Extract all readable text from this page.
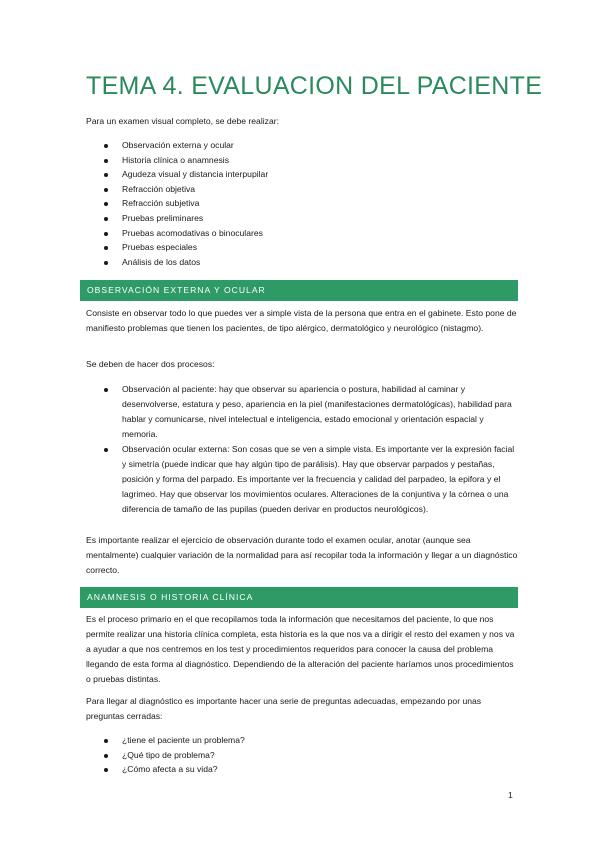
TEMA 4. EVALUACION DEL PACIENTE

Para un examen visual completo, se debe realizar:

Observación externa y ocular
Historia clínica o anamnesis
Agudeza visual y distancia interpupilar
Refracción objetiva
Refracción subjetiva
Pruebas preliminares
Pruebas acomodativas o binoculares
Pruebas especiales
Análisis de los datos
OBSERVACIÓN EXTERNA Y OCULAR

Consiste en observar todo lo que puedes ver a simple vista de la persona que entra en el gabinete. Esto pone de manifiesto problemas que tienen los pacientes, de tipo alérgico, dermatológico y neurológico (nistagmo).

Se deben de hacer dos procesos:

Observación al paciente: hay que observar su apariencia o postura, habilidad al caminar y desenvolverse, estatura y peso, apariencia en la piel (manifestaciones dermatológicas), habilidad para hablar y comunicarse, nivel intelectual e inteligencia, estado emocional y orientación espacial y memoria.
Observación ocular externa: Son cosas que se ven a simple vista. Es importante ver la expresión facial y simetría (puede indicar que hay algún tipo de parálisis). Hay que observar parpados y pestañas, posición y forma del parpado. Es importante ver la frecuencia y calidad del parpadeo, la epifora y el lagrimeo. Hay que observar los movimientos oculares. Alteraciones de la conjuntiva y la córnea o una diferencia de tamaño de las pupilas (pueden derivar en productos neurológicos).

Es importante realizar el ejercicio de observación durante todo el examen ocular, anotar (aunque sea mentalmente) cualquier variación de la normalidad para así recopilar toda la información y llegar a un diagnóstico correcto.

ANAMNESIS O HISTORIA CLÍNICA

Es el proceso primario en el que recopilamos toda la información que necesitamos del paciente, lo que nos permite realizar una historia clínica completa, esta historia es la que nos va a dirigir el resto del examen y nos va a ayudar a que nos centremos en los test y procedimientos requeridos para conocer la causa del problema llegando de esta forma al diagnóstico. Dependiendo de la alteración del paciente haríamos unos procedimientos o pruebas distintas.

Para llegar al diagnóstico es importante hacer una serie de preguntas adecuadas, empezando por unas preguntas cerradas:

¿tiene el paciente un problema?
¿Qué tipo de problema?
¿Cómo afecta a su vida?
1
